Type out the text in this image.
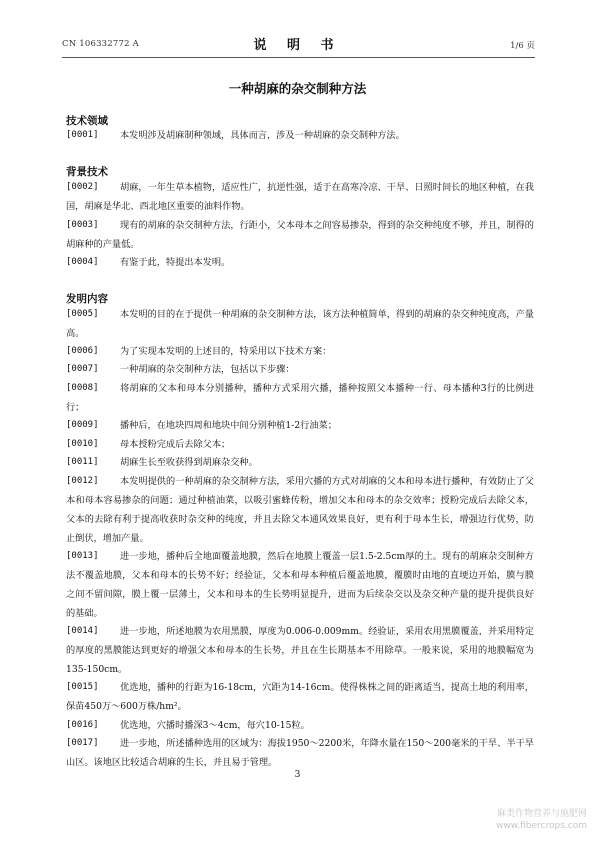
CN 106332772 A	说 明 书	1/6 页
一种胡麻的杂交制种方法
技术领域
[0001]	本发明涉及胡麻制种领域，具体而言，涉及一种胡麻的杂交制种方法。

背景技术
[0002]	胡麻，一年生草本植物，适应性广，抗逆性强，适于在高寒冷凉、干旱、日照时间长的地区种植，在我国，胡麻是华北、西北地区重要的油料作物。

[0003]	现有的胡麻的杂交制种方法，行距小，父本母本之间容易掺杂，得到的杂交种纯度不够，并且，制得的胡麻种的产量低。

[0004]	有鉴于此，特提出本发明。

发明内容
[0005]	本发明的目的在于提供一种胡麻的杂交制种方法，该方法种植简单，得到的胡麻的杂交种纯度高，产量高。

[0006]	为了实现本发明的上述目的，特采用以下技术方案：

[0007]	一种胡麻的杂交制种方法，包括以下步骤：

[0008]	将胡麻的父本和母本分别播种，播种方式采用穴播，播种按照父本播种一行、母本播种3行的比例进行；

[0009]	播种后，在地块四周和地块中间分别种植1-2行油菜；

[0010]	母本授粉完成后去除父本；

[0011]	胡麻生长至收获得到胡麻杂交种。

[0012]	本发明提供的一种胡麻的杂交制种方法，采用穴播的方式对胡麻的父本和母本进行播种，有效防止了父本和母本容易掺杂的问题；通过种植油菜，以吸引蜜蜂传粉，增加父本和母本的杂交效率；授粉完成后去除父本，父本的去除有利于提高收获时杂交种的纯度，并且去除父本通风效果良好，更有利于母本生长，增强边行优势，防止倒伏，增加产量。

[0013]	进一步地，播种后全地面覆盖地膜，然后在地膜上覆盖一层1.5-2.5cm厚的土。现有的胡麻杂交制种方法不覆盖地膜，父本和母本的长势不好；经验证，父本和母本种植后覆盖地膜，覆膜时由地的直埂边开始，膜与膜之间不留间隙，膜上覆一层薄土，父本和母本的生长势明显提升，进而为后续杂交以及杂交种产量的提升提供良好的基础。

[0014]	进一步地，所述地膜为农用黑膜，厚度为0.006-0.009mm。经验证，采用农用黑膜覆盖，并采用特定的厚度的黑膜能达到更好的增强父本和母本的生长势，并且在生长期基本不用除草。一般来说，采用的地膜幅宽为135-150cm。

[0015]	优选地，播种的行距为16-18cm，穴距为14-16cm。使得株株之间的距离适当，提高土地的利用率，保苗450万～600万株/hm²。

[0016]	优选地，穴播时播深3～4cm，每穴10-15粒。

[0017]	进一步地，所述播种选用的区域为：海拔1950～2200米，年降水量在150～200毫米的干旱、半干旱山区。该地区比较适合胡麻的生长，并且易于管理。

3
麻类作物营养与施肥网
www.fibercrops.com
